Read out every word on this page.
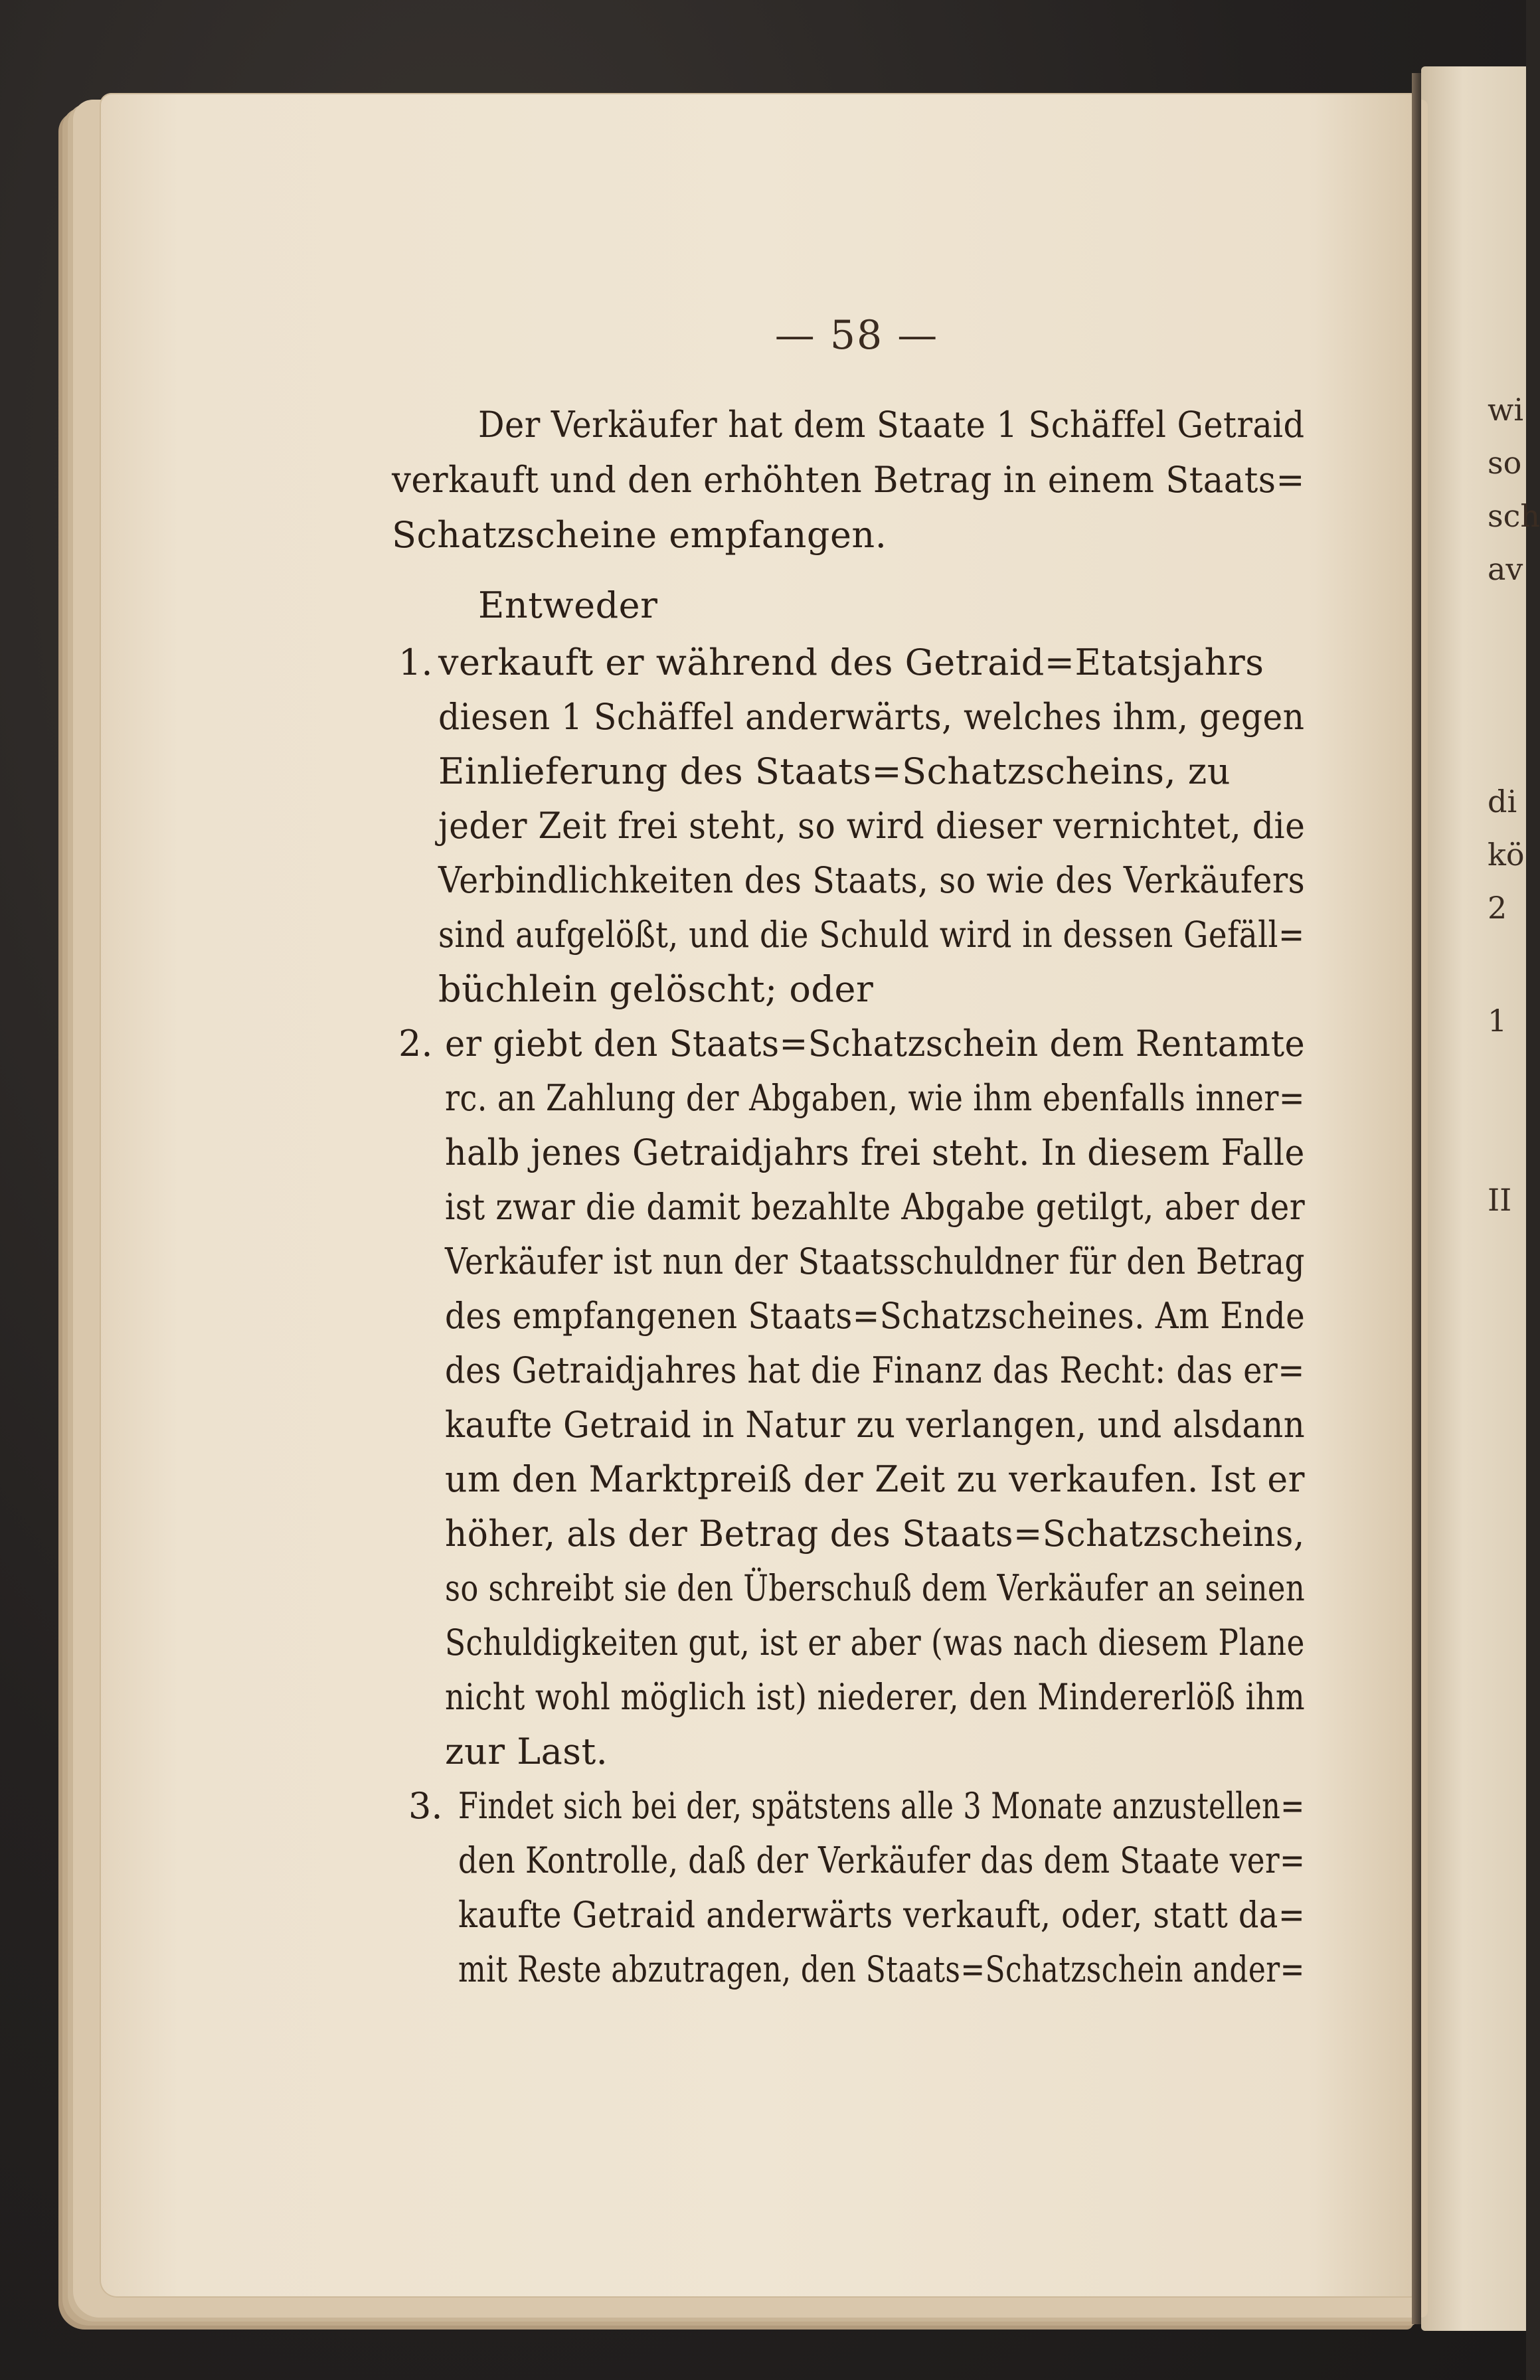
wi
so
sch
av
di
kö
2
1
II
— 58 —
Der Verkäufer hat dem Staate 1 Schäffel Getraid
verkauft und den erhöhten Betrag in einem Staats=
Schatzscheine empfangen.
Entweder
1. verkauft er während des Getraid=Etatsjahrs
diesen 1 Schäffel anderwärts, welches ihm, gegen
Einlieferung des Staats=Schatzscheins, zu
jeder Zeit frei steht, so wird dieser vernichtet, die
Verbindlichkeiten des Staats, so wie des Verkäufers
sind aufgelößt, und die Schuld wird in dessen Gefäll=
büchlein gelöscht; oder
2. er giebt den Staats=Schatzschein dem Rentamte
rc. an Zahlung der Abgaben, wie ihm ebenfalls inner=
halb jenes Getraidjahrs frei steht. In diesem Falle
ist zwar die damit bezahlte Abgabe getilgt, aber der
Verkäufer ist nun der Staatsschuldner für den Betrag
des empfangenen Staats=Schatzscheines. Am Ende
des Getraidjahres hat die Finanz das Recht: das er=
kaufte Getraid in Natur zu verlangen, und alsdann
um den Marktpreiß der Zeit zu verkaufen. Ist er
höher, als der Betrag des Staats=Schatzscheins,
so schreibt sie den Überschuß dem Verkäufer an seinen
Schuldigkeiten gut, ist er aber (was nach diesem Plane
nicht wohl möglich ist) niederer, den Mindererlöß ihm
zur Last.
3. Findet sich bei der, spätstens alle 3 Monate anzustellen=
den Kontrolle, daß der Verkäufer das dem Staate ver=
kaufte Getraid anderwärts verkauft, oder, statt da=
mit Reste abzutragen, den Staats=Schatzschein ander=
